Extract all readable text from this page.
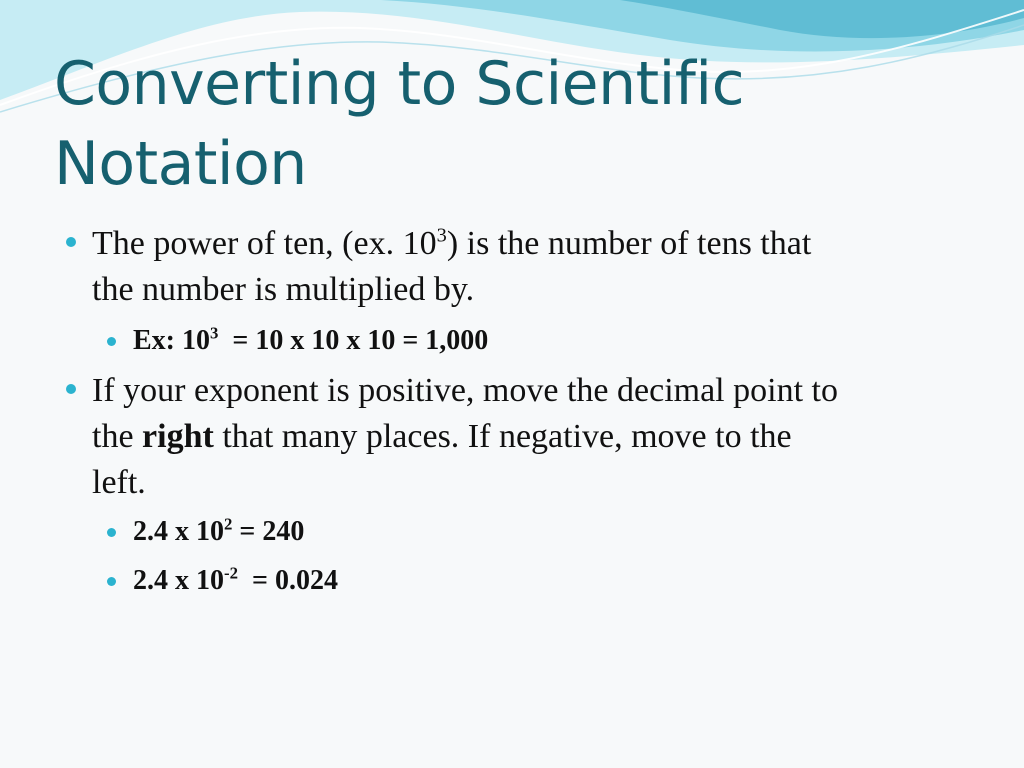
Converting to Scientific
Notation
The power of ten, (ex. $10^3$) is the number of tens that
the number is multiplied by.
Ex: $10^3 = 10$ x 10 x 10 = 1,000
If your exponent is positive, move the decimal point to
the right that many places. If negative, move to the
left.
2.4 x $10^2 = 240$
2.4 x $10^{-2} = 0.024$
